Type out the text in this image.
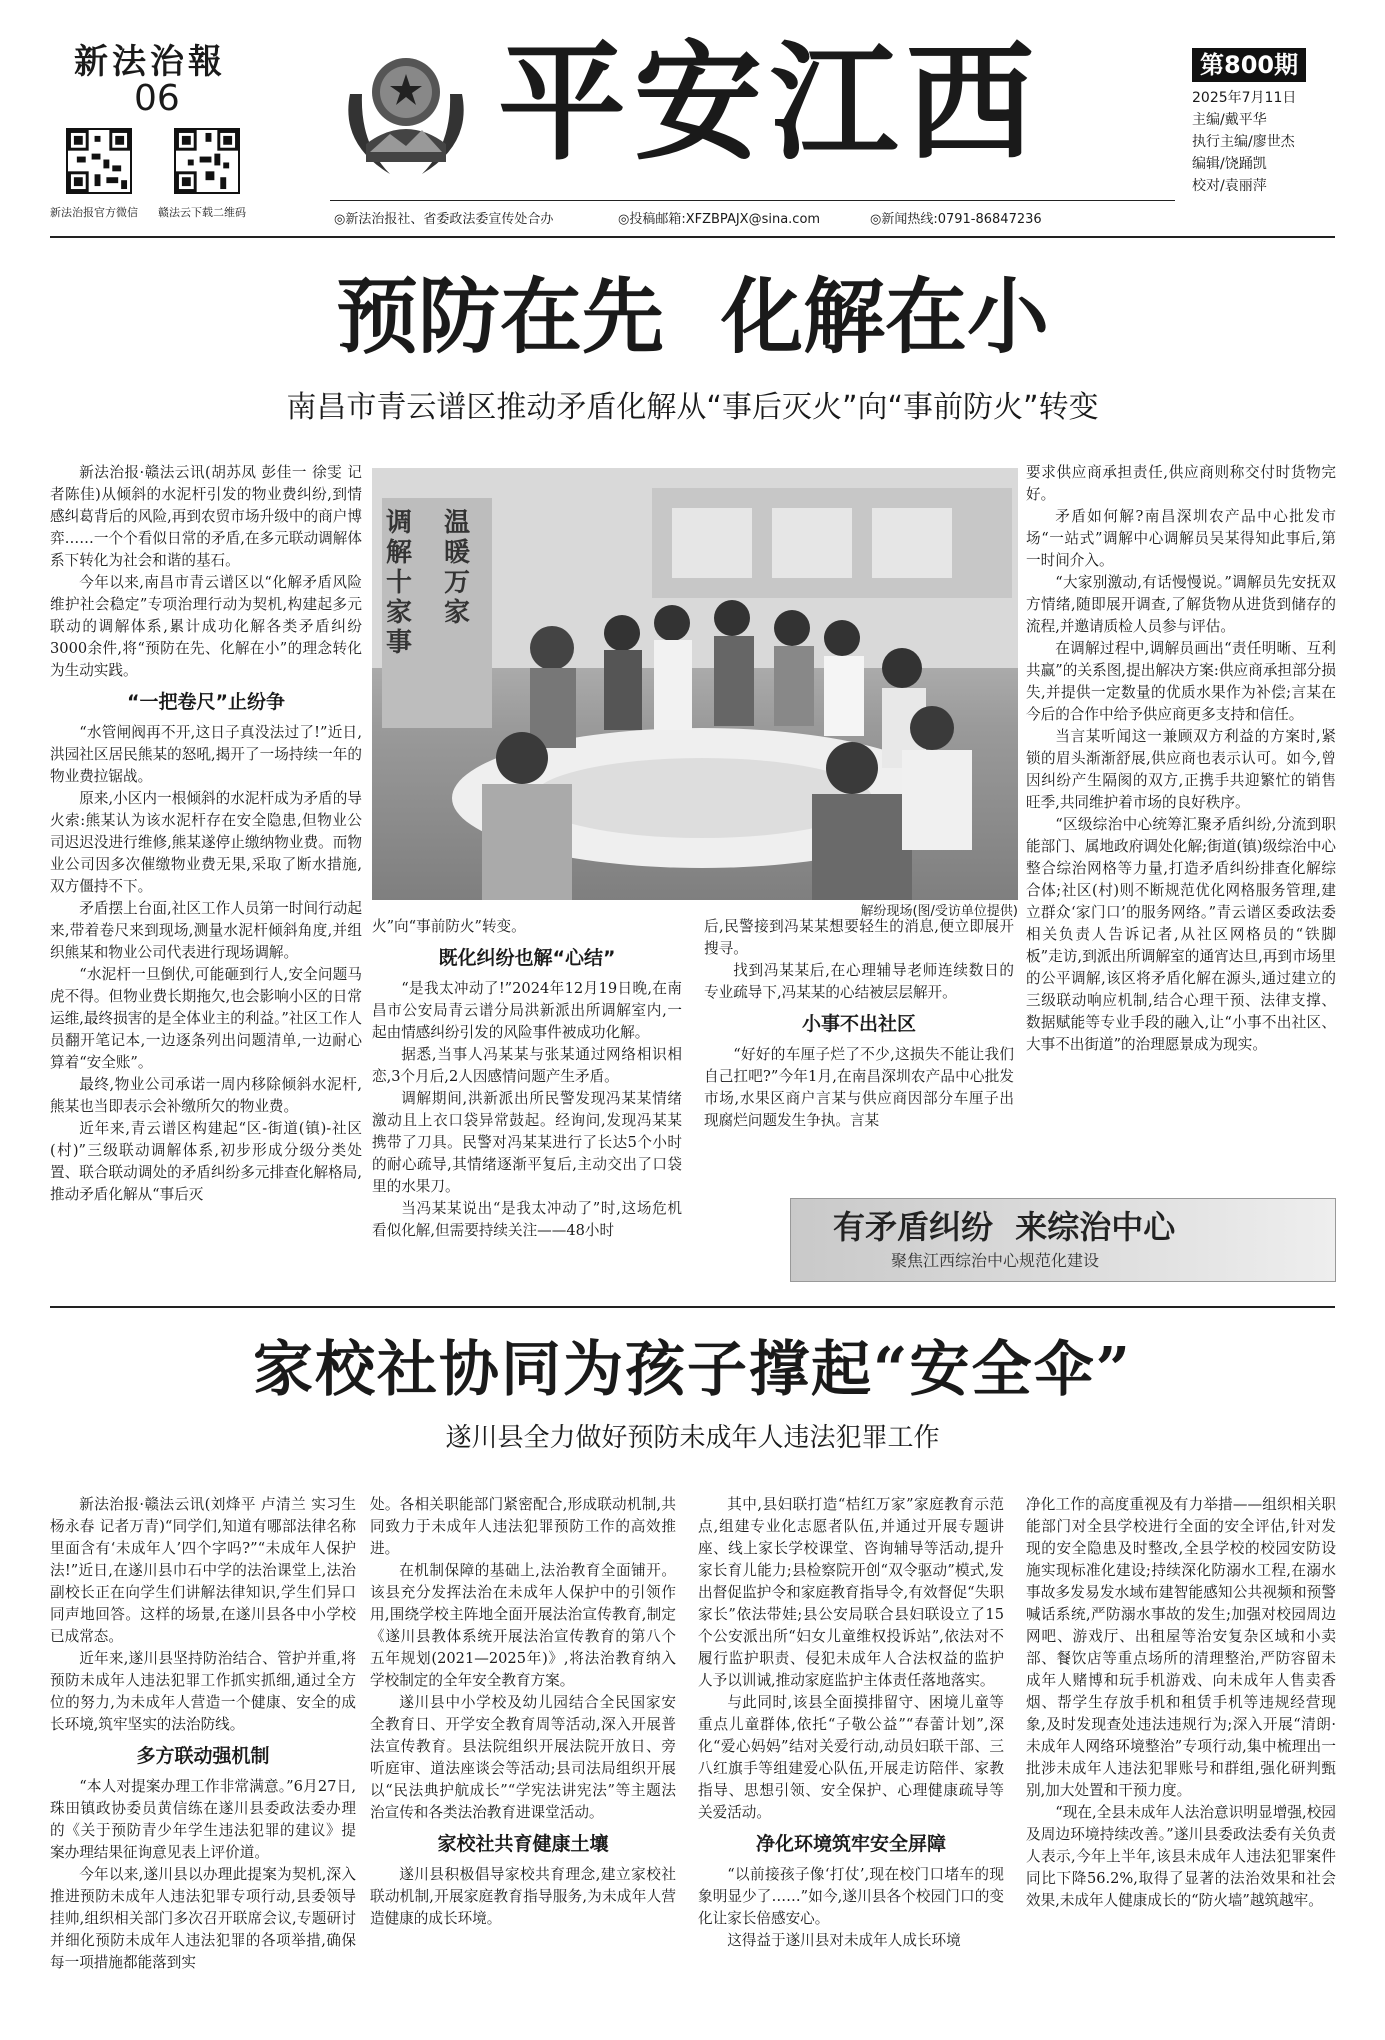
新法治報
06
新法治报官方微信 赣法云下载二维码
平安江西	第800期
2025年7月11日
主编/戴平华
执行主编/廖世杰
编辑/饶踊凯
校对/袁丽萍
◎新法治报社、省委政法委宣传处合办	◎投稿邮箱:XFZBPAJX@sina.com	◎新闻热线:0791-86847236
预防在先  化解在小
南昌市青云谱区推动矛盾化解从“事后灭火”向“事前防火”转变

新法治报·赣法云讯(胡苏凤 彭佳一 徐雯 记者陈佳)从倾斜的水泥杆引发的物业费纠纷,到情感纠葛背后的风险,再到农贸市场升级中的商户博弈……一个个看似日常的矛盾,在多元联动调解体系下转化为社会和谐的基石。

今年以来,南昌市青云谱区以“化解矛盾风险 维护社会稳定”专项治理行动为契机,构建起多元联动的调解体系,累计成功化解各类矛盾纠纷3000余件,将“预防在先、化解在小”的理念转化为生动实践。

“一把卷尺”止纷争

“水管闸阀再不开,这日子真没法过了!”近日,洪园社区居民熊某的怒吼,揭开了一场持续一年的物业费拉锯战。

原来,小区内一根倾斜的水泥杆成为矛盾的导火索:熊某认为该水泥杆存在安全隐患,但物业公司迟迟没进行维修,熊某遂停止缴纳物业费。而物业公司因多次催缴物业费无果,采取了断水措施,双方僵持不下。

矛盾摆上台面,社区工作人员第一时间行动起来,带着卷尺来到现场,测量水泥杆倾斜角度,并组织熊某和物业公司代表进行现场调解。

“水泥杆一旦倒伏,可能砸到行人,安全问题马虎不得。但物业费长期拖欠,也会影响小区的日常运维,最终损害的是全体业主的利益。”社区工作人员翻开笔记本,一边逐条列出问题清单,一边耐心算着“安全账”。

最终,物业公司承诺一周内移除倾斜水泥杆,熊某也当即表示会补缴所欠的物业费。

近年来,青云谱区构建起“区-街道(镇)-社区(村)”三级联动调解体系,初步形成分级分类处置、联合联动调处的矛盾纠纷多元排查化解格局,推动矛盾化解从“事后灭

调解
十
家事
温暖
万
家
解纷现场(图/受访单位提供)

火”向“事前防火”转变。

既化纠纷也解“心结”

“是我太冲动了!”2024年12月19日晚,在南昌市公安局青云谱分局洪新派出所调解室内,一起由情感纠纷引发的风险事件被成功化解。

据悉,当事人冯某某与张某通过网络相识相恋,3个月后,2人因感情问题产生矛盾。

调解期间,洪新派出所民警发现冯某某情绪激动且上衣口袋异常鼓起。经询问,发现冯某某携带了刀具。民警对冯某某进行了长达5个小时的耐心疏导,其情绪逐渐平复后,主动交出了口袋里的水果刀。

当冯某某说出“是我太冲动了”时,这场危机看似化解,但需要持续关注——48小时

后,民警接到冯某某想要轻生的消息,便立即展开搜寻。

找到冯某某后,在心理辅导老师连续数日的专业疏导下,冯某某的心结被层层解开。

小事不出社区

“好好的车厘子烂了不少,这损失不能让我们自己扛吧?”今年1月,在南昌深圳农产品中心批发市场,水果区商户言某与供应商因部分车厘子出现腐烂问题发生争执。言某

要求供应商承担责任,供应商则称交付时货物完好。

矛盾如何解?南昌深圳农产品中心批发市场“一站式”调解中心调解员吴某得知此事后,第一时间介入。

“大家别激动,有话慢慢说。”调解员先安抚双方情绪,随即展开调查,了解货物从进货到储存的流程,并邀请质检人员参与评估。

在调解过程中,调解员画出“责任明晰、互利共赢”的关系图,提出解决方案:供应商承担部分损失,并提供一定数量的优质水果作为补偿;言某在今后的合作中给予供应商更多支持和信任。

当言某听闻这一兼顾双方利益的方案时,紧锁的眉头渐渐舒展,供应商也表示认可。如今,曾因纠纷产生隔阂的双方,正携手共迎繁忙的销售旺季,共同维护着市场的良好秩序。

“区级综治中心统筹汇聚矛盾纠纷,分流到职能部门、属地政府调处化解;街道(镇)级综治中心整合综治网格等力量,打造矛盾纠纷排查化解综合体;社区(村)则不断规范优化网格服务管理,建立群众‘家门口’的服务网络。”青云谱区委政法委相关负责人告诉记者,从社区网格员的“铁脚板”走访,到派出所调解室的通宵达旦,再到市场里的公平调解,该区将矛盾化解在源头,通过建立的三级联动响应机制,结合心理干预、法律支撑、数据赋能等专业手段的融入,让“小事不出社区、大事不出街道”的治理愿景成为现实。

有矛盾纠纷  来综治中心
聚焦江西综治中心规范化建设
家校社协同为孩子撑起“安全伞”
遂川县全力做好预防未成年人违法犯罪工作

新法治报·赣法云讯(刘烽平 卢清兰 实习生杨永春 记者万青)“同学们,知道有哪部法律名称里面含有‘未成年人’四个字吗?”“未成年人保护法!”近日,在遂川县巾石中学的法治课堂上,法治副校长正在向学生们讲解法律知识,学生们异口同声地回答。这样的场景,在遂川县各中小学校已成常态。

近年来,遂川县坚持防治结合、管护并重,将预防未成年人违法犯罪工作抓实抓细,通过全方位的努力,为未成年人营造一个健康、安全的成长环境,筑牢坚实的法治防线。

多方联动强机制

“本人对提案办理工作非常满意。”6月27日,珠田镇政协委员黄信练在遂川县委政法委办理的《关于预防青少年学生违法犯罪的建议》提案办理结果征询意见表上评价道。

今年以来,遂川县以办理此提案为契机,深入推进预防未成年人违法犯罪专项行动,县委领导挂帅,组织相关部门多次召开联席会议,专题研讨并细化预防未成年人违法犯罪的各项举措,确保每一项措施都能落到实

处。各相关职能部门紧密配合,形成联动机制,共同致力于未成年人违法犯罪预防工作的高效推进。

在机制保障的基础上,法治教育全面铺开。该县充分发挥法治在未成年人保护中的引领作用,围绕学校主阵地全面开展法治宣传教育,制定《遂川县教体系统开展法治宣传教育的第八个五年规划(2021—2025年)》,将法治教育纳入学校制定的全年安全教育方案。

遂川县中小学校及幼儿园结合全民国家安全教育日、开学安全教育周等活动,深入开展普法宣传教育。县法院组织开展法院开放日、旁听庭审、道法座谈会等活动;县司法局组织开展以“民法典护航成长”“学宪法讲宪法”等主题法治宣传和各类法治教育进课堂活动。

家校社共育健康土壤

遂川县积极倡导家校共育理念,建立家校社联动机制,开展家庭教育指导服务,为未成年人营造健康的成长环境。

其中,县妇联打造“桔红万家”家庭教育示范点,组建专业化志愿者队伍,并通过开展专题讲座、线上家长学校课堂、咨询辅导等活动,提升家长育儿能力;县检察院开创“双令驱动”模式,发出督促监护令和家庭教育指导令,有效督促“失职家长”依法带娃;县公安局联合县妇联设立了15个公安派出所“妇女儿童维权投诉站”,依法对不履行监护职责、侵犯未成年人合法权益的监护人予以训诫,推动家庭监护主体责任落地落实。

与此同时,该县全面摸排留守、困境儿童等重点儿童群体,依托“子敬公益”“春蕾计划”,深化“爱心妈妈”结对关爱行动,动员妇联干部、三八红旗手等组建爱心队伍,开展走访陪伴、家教指导、思想引领、安全保护、心理健康疏导等关爱活动。

净化环境筑牢安全屏障

“以前接孩子像‘打仗’,现在校门口堵车的现象明显少了……”如今,遂川县各个校园门口的变化让家长倍感安心。

这得益于遂川县对未成年人成长环境

净化工作的高度重视及有力举措——组织相关职能部门对全县学校进行全面的安全评估,针对发现的安全隐患及时整改,全县学校的校园安防设施实现标准化建设;持续深化防溺水工程,在溺水事故多发易发水域布建智能感知公共视频和预警喊话系统,严防溺水事故的发生;加强对校园周边网吧、游戏厅、出租屋等治安复杂区域和小卖部、餐饮店等重点场所的清理整治,严防容留未成年人赌博和玩手机游戏、向未成年人售卖香烟、帮学生存放手机和租赁手机等违规经营现象,及时发现查处违法违规行为;深入开展“清朗·未成年人网络环境整治”专项行动,集中梳理出一批涉未成年人违法犯罪账号和群组,强化研判甄别,加大处置和干预力度。

“现在,全县未成年人法治意识明显增强,校园及周边环境持续改善。”遂川县委政法委有关负责人表示,今年上半年,该县未成年人违法犯罪案件同比下降56.2%,取得了显著的法治效果和社会效果,未成年人健康成长的“防火墙”越筑越牢。
